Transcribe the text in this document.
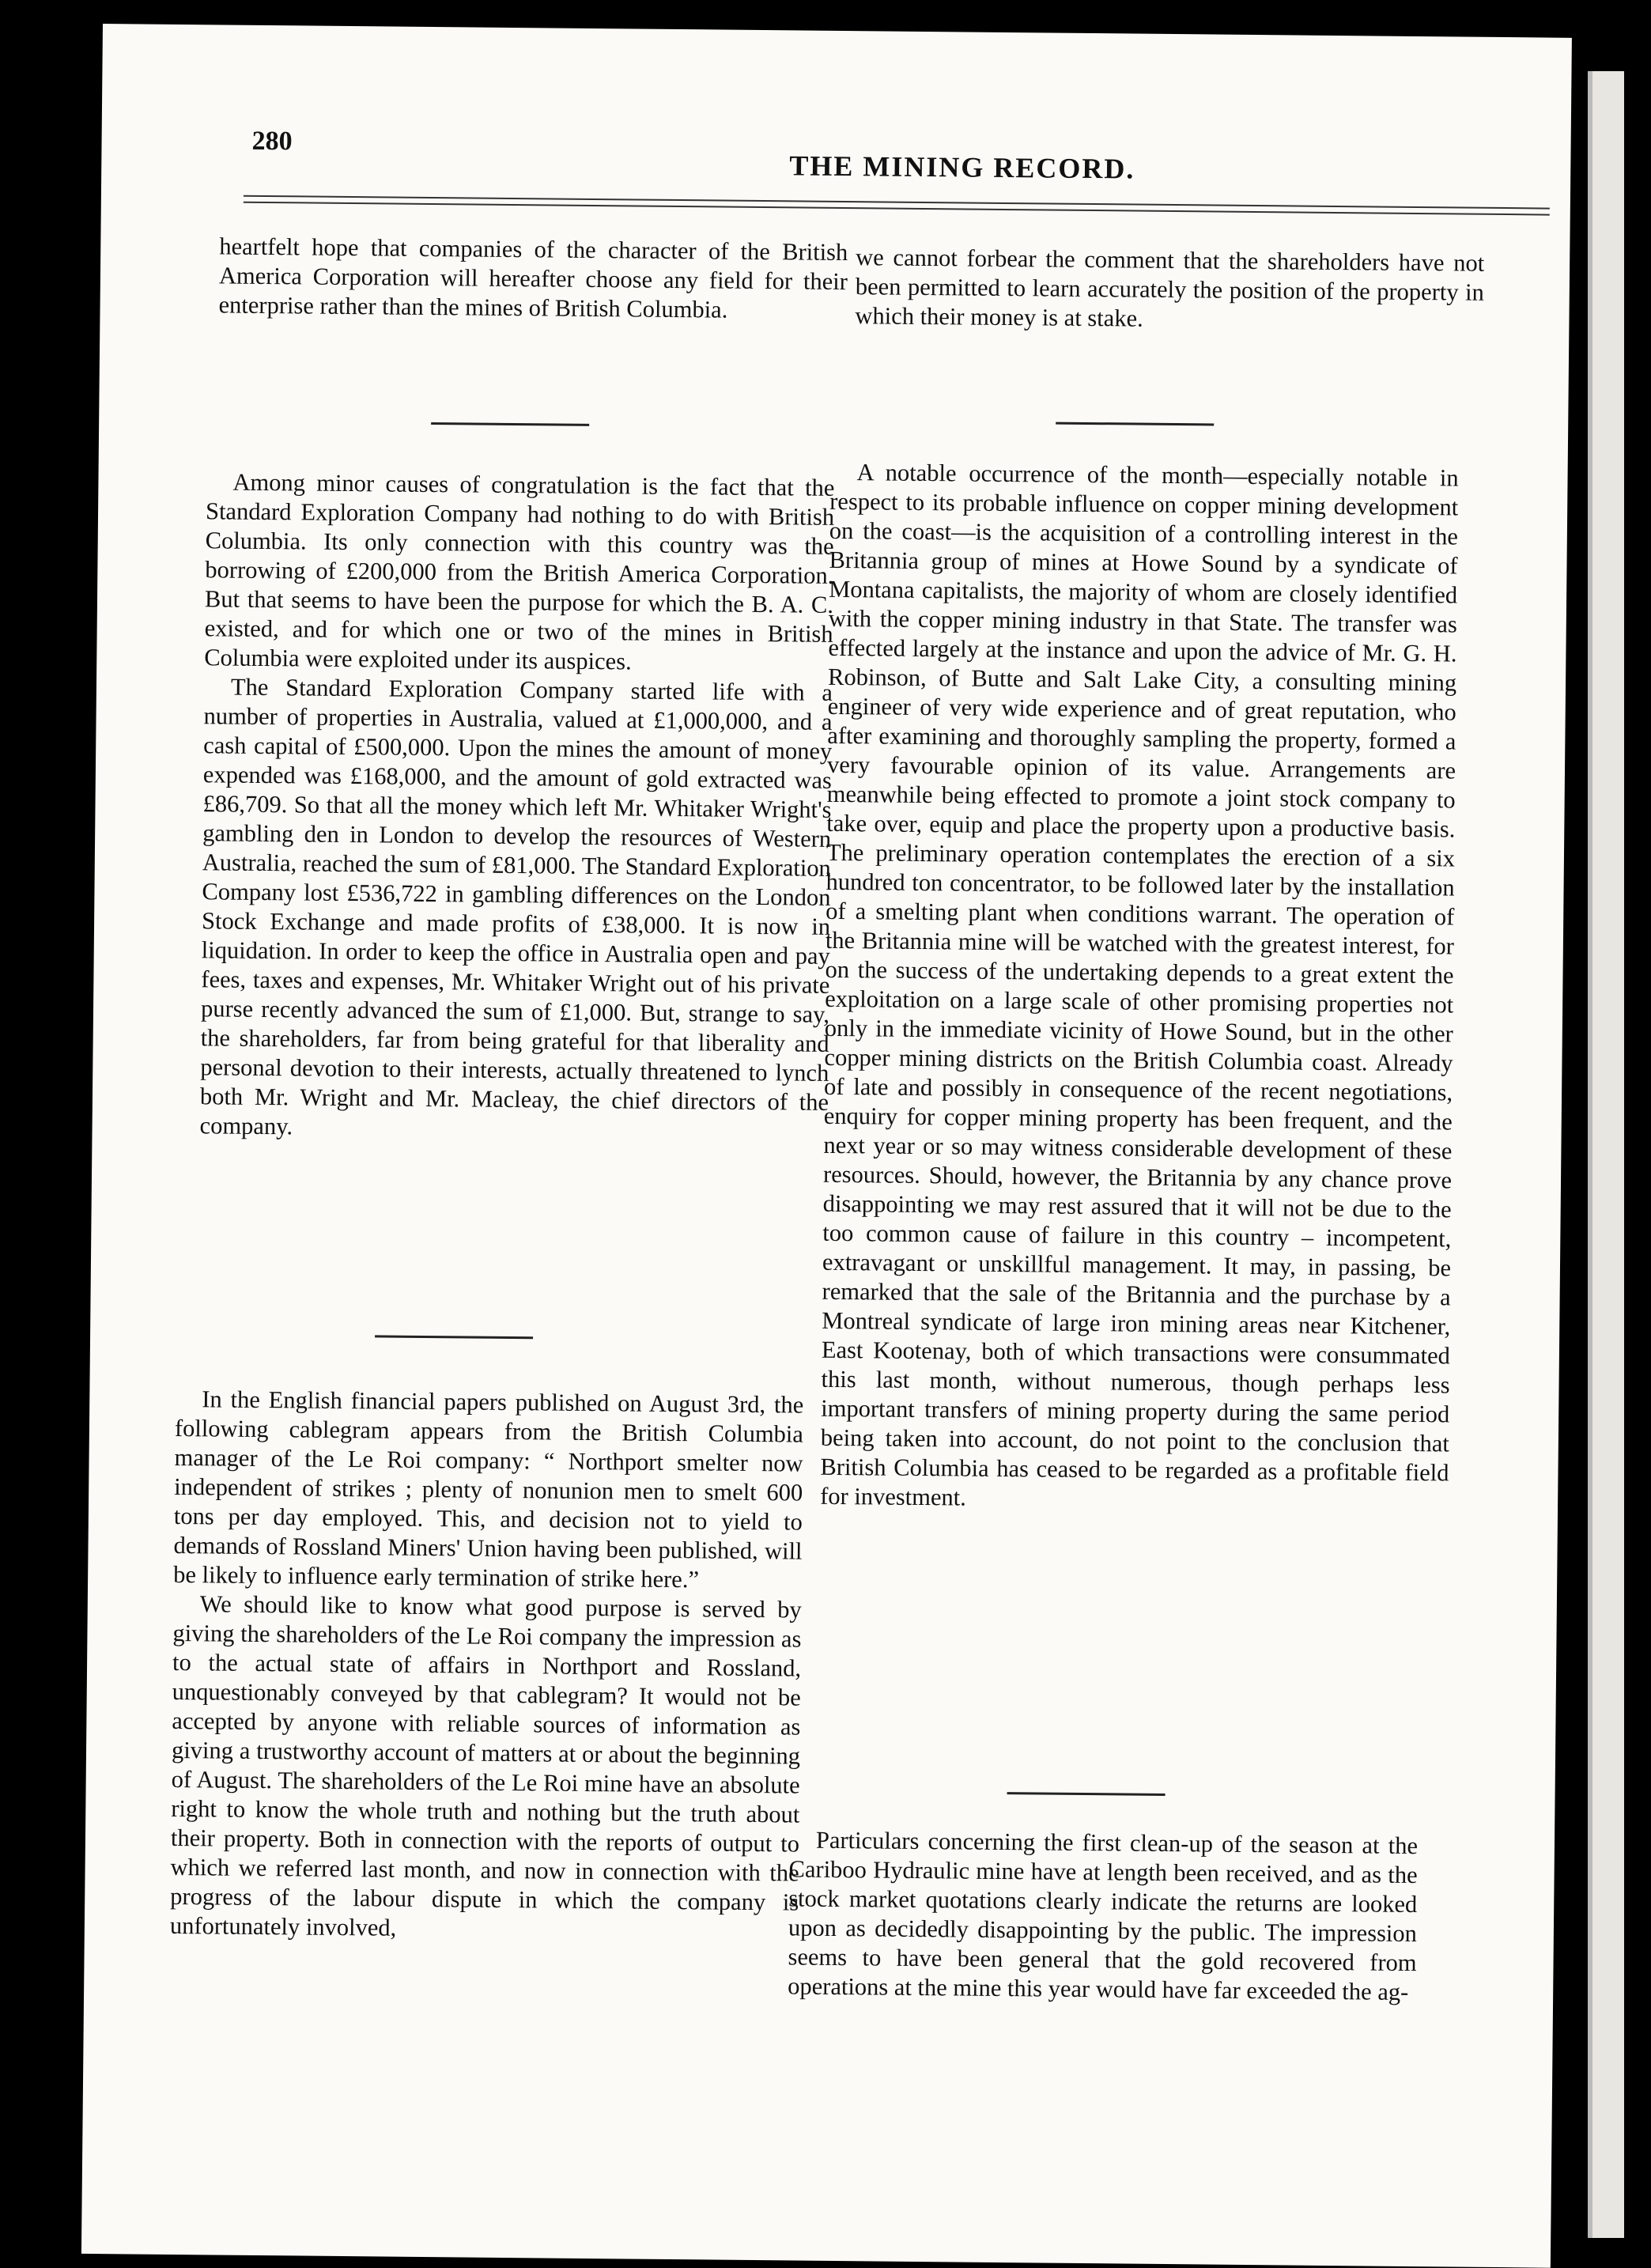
280
THE MINING RECORD.

heartfelt hope that companies of the character of the British America Corporation will hereafter choose any field for their enterprise rather than the mines of British Columbia.

Among minor causes of congratulation is the fact that the Standard Exploration Company had nothing to do with British Columbia. Its only connection with this country was the borrowing of £200,000 from the British America Corporation. But that seems to have been the purpose for which the B. A. C. existed, and for which one or two of the mines in British Columbia were exploited under its auspices.

The Standard Exploration Company started life with a number of properties in Australia, valued at £1,000,000, and a cash capital of £500,000. Upon the mines the amount of money expended was £168,000, and the amount of gold extracted was £86,709. So that all the money which left Mr. Whitaker Wright's gambling den in London to develop the resources of Western Australia, reached the sum of £81,000. The Standard Exploration Company lost £536,722 in gambling differences on the London Stock Exchange and made profits of £38,000. It is now in liquidation. In order to keep the office in Australia open and pay fees, taxes and expenses, Mr. Whitaker Wright out of his private purse recently advanced the sum of £1,000. But, strange to say, the shareholders, far from being grateful for that liberality and personal devotion to their interests, actually threatened to lynch both Mr. Wright and Mr. Macleay, the chief directors of the company.

In the English financial papers published on August 3rd, the following cablegram appears from the British Columbia manager of the Le Roi company: “ Northport smelter now independent of strikes ; plenty of nonunion men to smelt 600 tons per day employed. This, and decision not to yield to demands of Rossland Miners' Union having been published, will be likely to influence early termination of strike here.”

We should like to know what good purpose is served by giving the shareholders of the Le Roi company the impression as to the actual state of affairs in Northport and Rossland, unquestionably conveyed by that cablegram? It would not be accepted by anyone with reliable sources of information as giving a trustworthy account of matters at or about the beginning of August. The shareholders of the Le Roi mine have an absolute right to know the whole truth and nothing but the truth about their property. Both in connection with the reports of output to which we referred last month, and now in connection with the progress of the labour dispute in which the company is unfortunately involved,

we cannot forbear the comment that the shareholders have not been permitted to learn accurately the position of the property in which their money is at stake.

A notable occurrence of the month—especially notable in respect to its probable influence on copper mining development on the coast—is the acquisition of a controlling interest in the Britannia group of mines at Howe Sound by a syndicate of Montana capitalists, the majority of whom are closely identified with the copper mining industry in that State. The transfer was effected largely at the instance and upon the advice of Mr. G. H. Robinson, of Butte and Salt Lake City, a consulting mining engineer of very wide experience and of great reputation, who after examining and thoroughly sampling the property, formed a very favourable opinion of its value. Arrangements are meanwhile being effected to promote a joint stock company to take over, equip and place the property upon a productive basis. The preliminary operation contemplates the erection of a six hundred ton concentrator, to be followed later by the installation of a smelting plant when conditions warrant. The operation of the Britannia mine will be watched with the greatest interest, for on the success of the undertaking depends to a great extent the exploitation on a large scale of other promising properties not only in the immediate vicinity of Howe Sound, but in the other copper mining districts on the British Columbia coast. Already of late and possibly in consequence of the recent negotiations, enquiry for copper mining property has been frequent, and the next year or so may witness considerable development of these resources. Should, however, the Britannia by any chance prove disappointing we may rest assured that it will not be due to the too common cause of failure in this country – incompetent, extravagant or unskillful management. It may, in passing, be remarked that the sale of the Britannia and the purchase by a Montreal syndicate of large iron mining areas near Kitchener, East Kootenay, both of which transactions were consummated this last month, without numerous, though perhaps less important transfers of mining property during the same period being taken into account, do not point to the conclusion that British Columbia has ceased to be regarded as a profitable field for investment.

Particulars concerning the first clean-up of the season at the Cariboo Hydraulic mine have at length been received, and as the stock market quotations clearly indicate the returns are looked upon as decidedly disappointing by the public. The impression seems to have been general that the gold recovered from operations at the mine this year would have far exceeded the ag-
